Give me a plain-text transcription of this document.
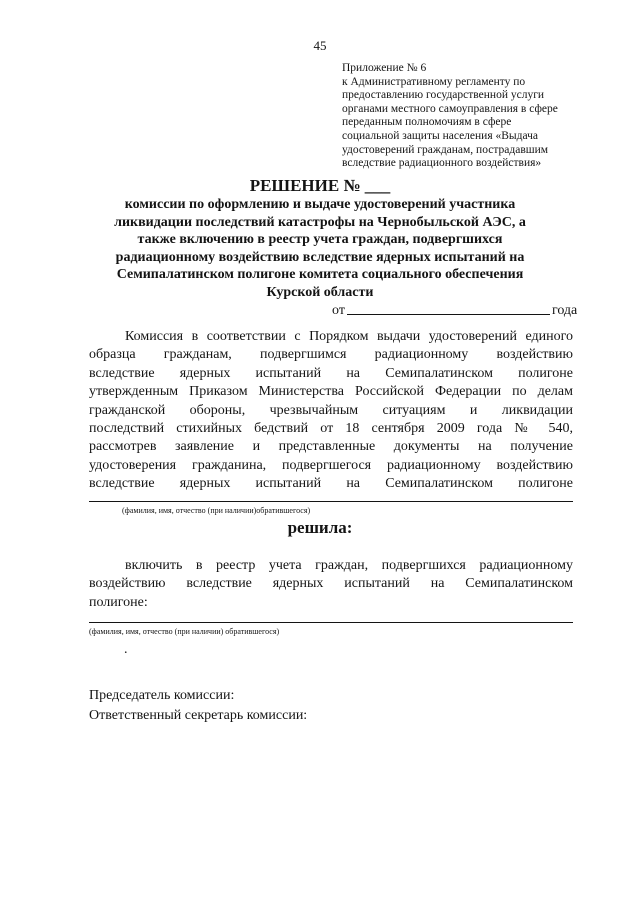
45
Приложение № 6
к Административному регламенту по
предоставлению государственной услуги
органами местного самоуправления в сфере
переданным полномочиям в сфере
социальной защиты населения «Выдача
удостоверений гражданам, пострадавшим
вследствие радиационного воздействия»
РЕШЕНИЕ № ___
комиссии по оформлению и выдаче удостоверений участника
ликвидации последствий катастрофы на Чернобыльской АЭС, а
также включению в реестр учета граждан, подвергшихся
радиационному воздействию вследствие ядерных испытаний на
Семипалатинском полигоне комитета социального обеспечения
Курской области
от	года
Комиссия в соответствии с Порядком выдачи удостоверений единого
образца гражданам, подвергшимся радиационному воздействию
вследствие ядерных испытаний на Семипалатинском полигоне
утвержденным Приказом Министерства Российской Федерации по делам
гражданской обороны, чрезвычайным ситуациям и ликвидации
последствий стихийных бедствий от 18 сентября 2009 года № 540,
рассмотрев заявление и представленные документы на получение
удостоверения гражданина, подвергшегося радиационному воздействию
вследствие ядерных испытаний на Семипалатинском полигоне
(фамилия, имя, отчество (при наличии)обратившегося)
решила:
включить в реестр учета граждан, подвергшихся радиационному
воздействию вследствие ядерных испытаний на Семипалатинском
полигоне:
(фамилия, имя, отчество (при наличии) обратившегося)
.
Председатель комиссии:
Ответственный секретарь комиссии:
